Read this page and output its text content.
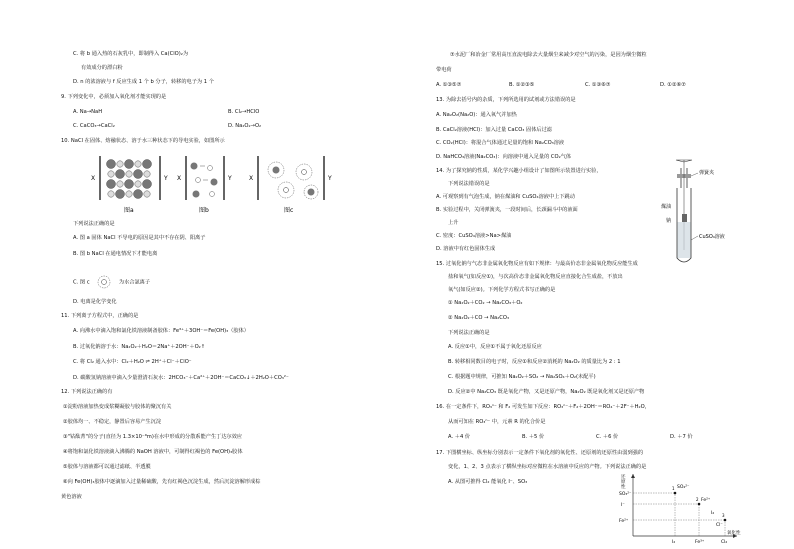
C. 将 b 通入热的石灰乳中，即制得入 Ca(ClO)₂为
有效成分的漂白粉
D. n 的浓溶液与 f 反应生成 1 个 b 分子，转移的电子为 1 个
9. 下列变化中，必须加入氧化剂才能实现的是
A. Na→NaH	B. Cl₂→HClO
C. CaCO₃→CaCl₂	D. Na₂O₂→O₂
10. NaCl 在固体、熔融状态、溶于水三种状态下的导电实验，如图所示
X	Y
图a
X	Y
图b
X	Y
图c
下列说法正确的是
A. 图 a 固体 NaCl 不导电的原因是其中不存在阴、阳离子
B. 图 b NaCl 在通电情况下才能电离
C. 图 c	为水合氯离子
D. 电离是化学变化
11. 下列离子方程式中，正确的是
A. 向沸水中滴入饱和氯化铁溶液制备胶体：Fe³⁺＋3OH⁻＝Fe(OH)₃（胶体）
B. 过氧化钠溶于水：Na₂O₂＋H₂O＝2Na⁺＋2OH⁻＋O₂↑
C. 将 Cl₂ 通入水中：Cl₂＋H₂O ⇌ 2H⁺＋Cl⁻＋ClO⁻
D. 碳酸氢钠溶液中滴入少量澄清石灰水：2HCO₃⁻＋Ca²⁺＋2OH⁻＝CaCO₃↓＋2H₂O＋CO₃²⁻
12. 下列说法正确的有
①淀粉溶液加热变成浆糊凝胶与胶体的聚沉有关
②胶体均一、不稳定，静置后容易产生沉淀
③"钴酞菁"的分子(直径为 1.3×10⁻⁹m)在水中形成的分散系能产生丁达尔效应
④将饱和氯化铁溶液滴入沸腾的 NaOH 溶液中，可制得红褐色的 Fe(OH)₃胶体
⑤胶体与溶液都可以通过滤纸、半透膜
⑥向 Fe(OH)₃胶体中逐滴加入过量稀硫酸，先有红褐色沉淀生成，然后沉淀溶解形成棕
黄色溶液
⑦水泥厂和冶金厂常用高压直流电除去大量烟尘来减少对空气的污染，是因为烟尘微粒
带电荷
A. ①③⑤⑦	B. ①②③⑤	C. ①③⑥⑦	D. ①②⑥⑦
13. 为除去括号内的杂质，下列所选用的试剂或方法错误的是
A. Na₂O₂(Na₂O)：通入氧气并加热
B. CaCl₂溶液(HCl)：加入过量 CaCO₃ 固体后过滤
C. CO₂(HCl)：将混合气体通过足量的饱和 Na₂CO₃溶液
D. NaHCO₃溶液(Na₂CO₃)：向溶液中通入足量的 CO₂气体
14. 为了探究钠的性质，某化学兴趣小组设计了如图所示装置进行实验，
下列说法错误的是
A. 可观察到有气泡生成，钠在煤油和 CuSO₄溶液中上下跳动
B. 实验过程中，关闭弹簧夹，一段时间后，长颈漏斗中的液面
上升
C. 密度：CuSO₄溶液>Na>煤油
D. 溶液中有红色固体生成
弹簧夹
煤油
钠
CuSO₄溶液
15. 过氧化钠与气态非金属氧化物反应有如下规律：与最高价态非金属氧化物反应能生成
盐和氧气(如反应①)，与次高价态非金属氧化物反应直接化合生成盐，不放出
氧气(如反应②)。下列化学方程式书写正确的是
① Na₂O₂＋CO₂ → Na₂CO₃＋O₂
② Na₂O₂＋CO → Na₂CO₃
下列说法正确的是
A. 反应①中，反应①不属于氧化还原反应
B. 转移相同数目的电子时，反应①和反应②消耗的 Na₂O₂ 的质量比为 2 : 1
C. 根据题中规律，可推知 Na₂O₂＋SO₂ → Na₂SO₄＋O₂(未配平)
D. 反应②中 Na₂CO₃ 既是氧化产物，又是还原产物，Na₂O₂ 既是氧化剂又是还原产物
16. 在一定条件下，RO₃ⁿ⁻ 和 F₂ 可发生如下反应：RO₃ⁿ⁻＋F₂＋2OH⁻＝RO₄⁻＋2F⁻＋H₂O，
从而可知在 RO₃ⁿ⁻ 中，元素 R 的化合价是
A. ＋4 价	B. ＋5 价	C. ＋6 价	D. ＋7 价
17. 下图横坐标、纵坐标分别表示一定条件下氧化剂的氧化性、还原剂的还原性由弱到强的
变化，1、2、3 点表示了横纵坐标对应微粒在水溶液中反应的产物。下列说法正确的是
A. 从图可推得 Cl₂ 能氧化 I⁻、SO₃
还
原
性
SO₃²⁻
I⁻
Fe²⁺
1 SO₄²⁻
2 Fe²⁺
3
Cl⁻
I₂
I₂	Fe³⁺	Cl₂
氧化性
